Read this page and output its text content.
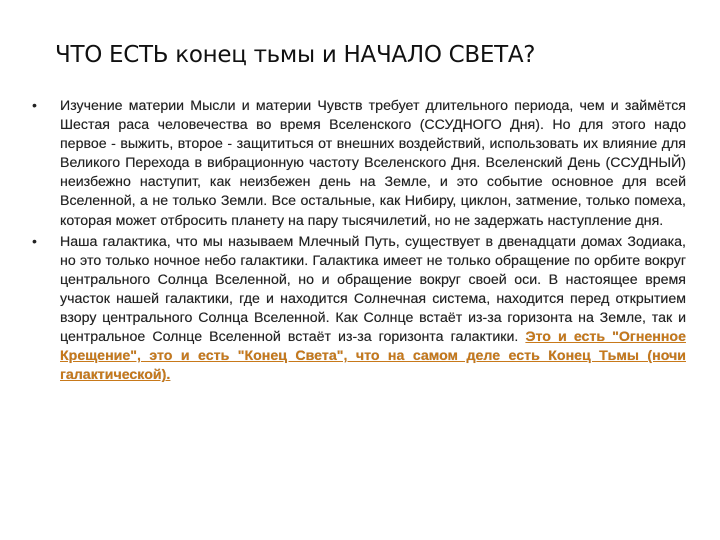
ЧТО ЕСТЬ конец тьмы и НАЧАЛО СВЕТА?
• Изучение материи Мысли и материи Чувств требует длительного периода, чем и займётся Шестая раса человечества во время Вселенского (ССУДНОГО Дня). Но для этого надо первое - выжить, второе - защититься от внешних воздействий, использовать их влияние для Великого Перехода в вибрационную частоту Вселенского Дня. Вселенский День (ССУДНЫЙ) неизбежно наступит, как неизбежен день на Земле, и это событие основное для всей Вселенной, а не только Земли. Все остальные, как Нибиру, циклон, затмение, только помеха, которая может отбросить планету на пару тысячилетий, но не задержать наступление дня.

• Наша галактика, что мы называем Млечный Путь, существует в двенадцати домах Зодиака, но это только ночное небо галактики. Галактика имеет не только обращение по орбите вокруг центрального Солнца Вселенной, но и обращение вокруг своей оси. В настоящее время участок нашей галактики, где и находится Солнечная система, находится перед открытием взору центрального Солнца Вселенной. Как Солнце встаёт из-за горизонта на Земле, так и центральное Солнце Вселенной встаёт из-за горизонта галактики. Это и есть "Огненное Крещение", это и есть "Конец Света", что на самом деле есть Конец Тьмы (ночи галактической).
